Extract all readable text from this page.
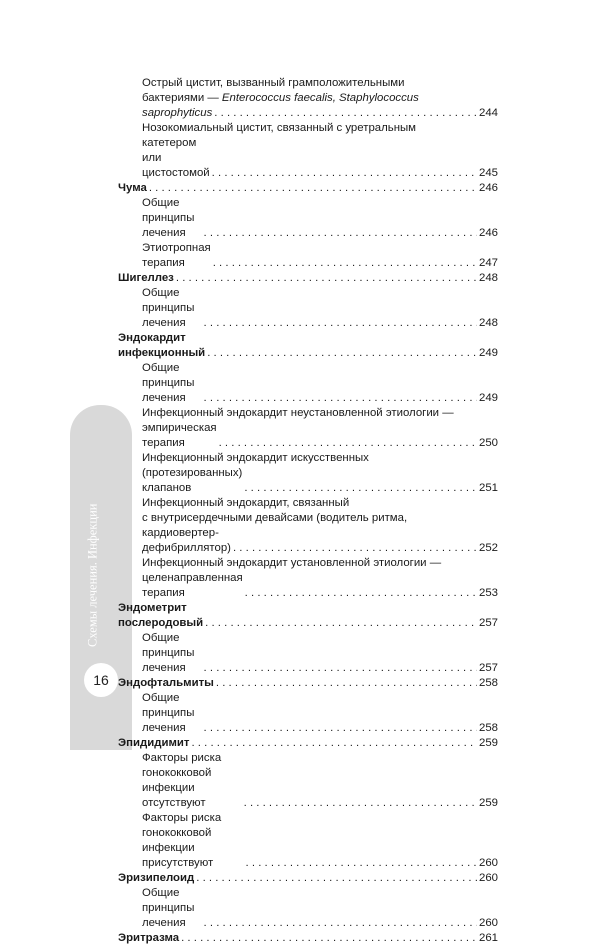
Схемы лечения. Инфекции
16
Острый цистит, вызванный грамположительными
бактериями — Enterococcus faecalis, Staphylococcus
saprophyticus . . .	244
Нозокомиальный цистит, связанный с уретральным
катетером или цистостомой . . .	245
Чума . . .	246
Общие принципы лечения . . .	246
Этиотропная терапия . . .	247
Шигеллез . . .	248
Общие принципы лечения . . .	248
Эндокардит инфекционный . . .	249
Общие принципы лечения . . .	249
Инфекционный эндокардит неустановленной этиологии —
эмпирическая терапия . . .	250
Инфекционный эндокардит искусственных
(протезированных) клапанов . . .	251
Инфекционный эндокардит, связанный
с внутрисердечными девайсами (водитель ритма,
кардиовертер-дефибриллятор) . . .	252
Инфекционный эндокардит установленной этиологии —
целенаправленная терапия . . .	253
Эндометрит послеродовый . . .	257
Общие принципы лечения . . .	257
Эндофтальмиты . . .	258
Общие принципы лечения . . .	258
Эпидидимит . . .	259
Факторы риска гонококковой инфекции отсутствуют . . .	259
Факторы риска гонококковой инфекции присутствуют . . .	260
Эризипелоид . . .	260
Общие принципы лечения . . .	260
Эритразма . . .	261
